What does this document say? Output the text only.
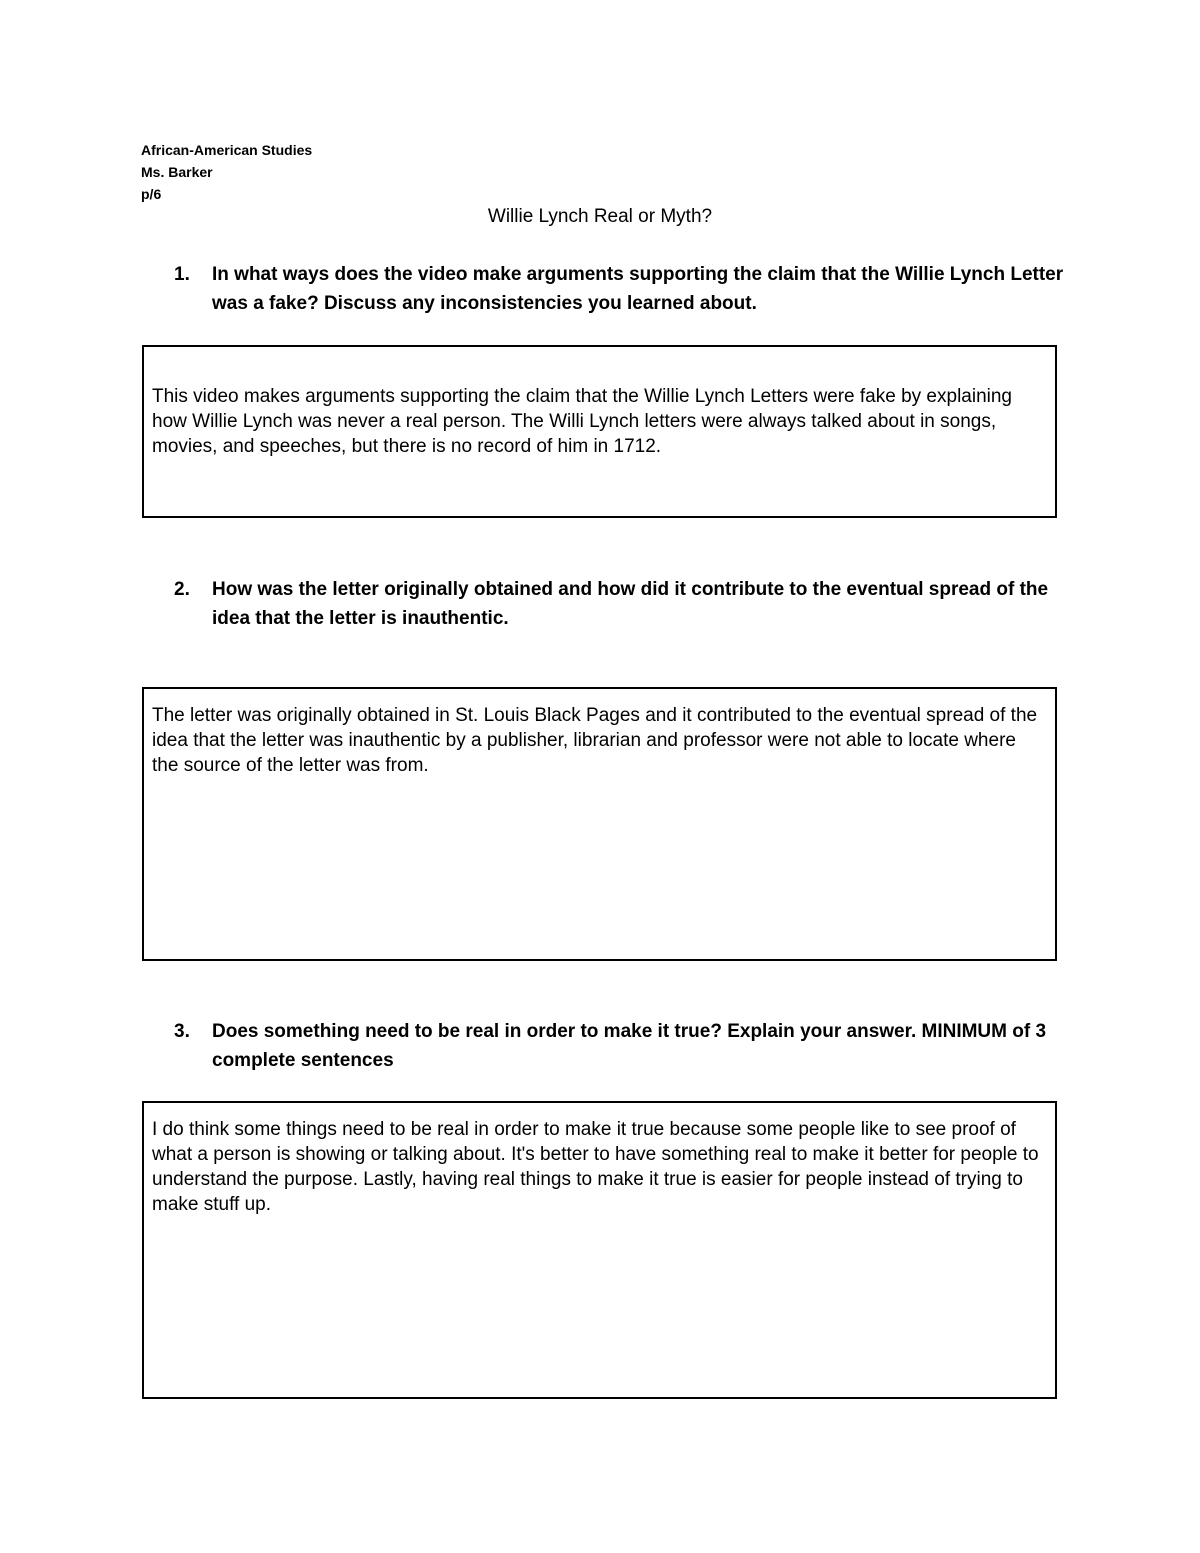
African-American Studies
Ms. Barker
p/6
Willie Lynch Real or Myth?
1.	In what ways does the video make arguments supporting the claim that the Willie Lynch Letter was a fake? Discuss any inconsistencies you learned about.
This video makes arguments supporting the claim that the Willie Lynch Letters were fake by explaining how Willie Lynch was never a real person. The Willi Lynch letters were always talked about in songs, movies, and speeches, but there is no record of him in 1712.
2.	How was the letter originally obtained and how did it contribute to the eventual spread of the idea that the letter is inauthentic.
The letter was originally obtained in St. Louis Black Pages and it contributed to the eventual spread of the idea that the letter was inauthentic by a publisher, librarian and professor were not able to locate where the source of the letter was from.
3.	Does something need to be real in order to make it true? Explain your answer. MINIMUM of 3 complete sentences
I do think some things need to be real in order to make it true because some people like to see proof of what a person is showing or talking about. It's better to have something real to make it better for people to understand the purpose. Lastly, having real things to make it true is easier for people instead of trying to make stuff up.
